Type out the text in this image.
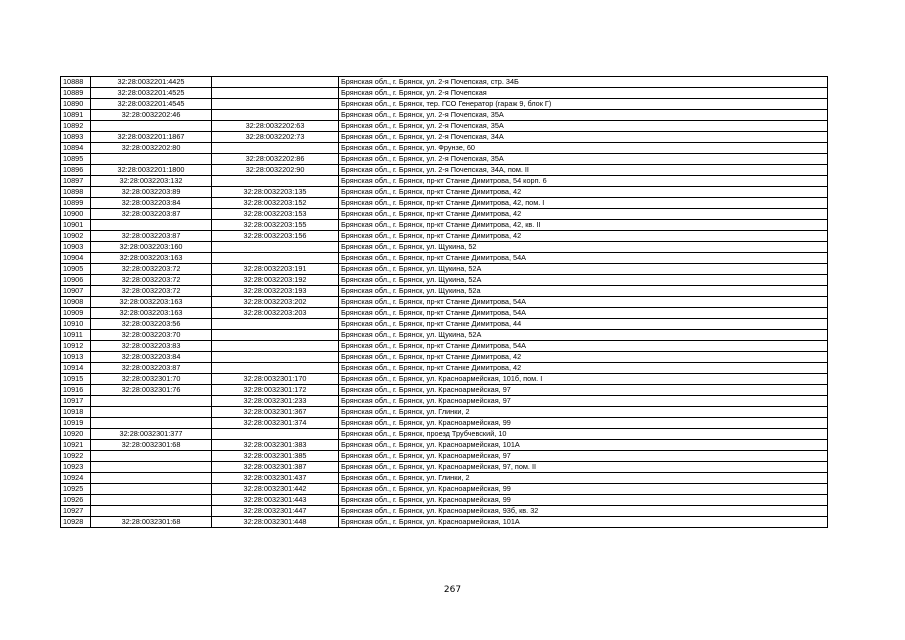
10888	32:28:0032201:4425		Брянская обл., г. Брянск, ул. 2-я Почепская, стр. 34Б
10889	32:28:0032201:4525		Брянская обл., г. Брянск, ул. 2-я Почепская
10890	32:28:0032201:4545		Брянская обл., г. Брянск, тер. ГСО Генератор (гараж 9, блок Г)
10891	32:28:0032202:46		Брянская обл., г. Брянск, ул. 2-я Почепская, 35А
10892		32:28:0032202:63	Брянская обл., г. Брянск, ул. 2-я Почепская, 35А
10893	32:28:0032201:1867	32:28:0032202:73	Брянская обл., г. Брянск, ул. 2-я Почепская, 34А
10894	32:28:0032202:80		Брянская обл., г. Брянск, ул. Фрунзе, 60
10895		32:28:0032202:86	Брянская обл., г. Брянск, ул. 2-я Почепская, 35А
10896	32:28:0032201:1800	32:28:0032202:90	Брянская обл., г. Брянск, ул. 2-я Почепская, 34А, пом. II
10897	32:28:0032203:132		Брянская обл., г. Брянск, пр-кт Станке Димитрова, 54 корп. 6
10898	32:28:0032203:89	32:28:0032203:135	Брянская обл., г. Брянск, пр-кт Станке Димитрова, 42
10899	32:28:0032203:84	32:28:0032203:152	Брянская обл., г. Брянск, пр-кт Станке Димитрова, 42, пом. I
10900	32:28:0032203:87	32:28:0032203:153	Брянская обл., г. Брянск, пр-кт Станке Димитрова, 42
10901		32:28:0032203:155	Брянская обл., г. Брянск, пр-кт Станке Димитрова, 42, кв. II
10902	32:28:0032203:87	32:28:0032203:156	Брянская обл., г. Брянск, пр-кт Станке Димитрова, 42
10903	32:28:0032203:160		Брянская обл., г. Брянск, ул. Щукина, 52
10904	32:28:0032203:163		Брянская обл., г. Брянск, пр-кт Станке Димитрова, 54А
10905	32:28:0032203:72	32:28:0032203:191	Брянская обл., г. Брянск, ул. Щукина, 52А
10906	32:28:0032203:72	32:28:0032203:192	Брянская обл., г. Брянск, ул. Щукина, 52А
10907	32:28:0032203:72	32:28:0032203:193	Брянская обл., г. Брянск, ул. Щукина, 52а
10908	32:28:0032203:163	32:28:0032203:202	Брянская обл., г. Брянск, пр-кт Станке Димитрова, 54А
10909	32:28:0032203:163	32:28:0032203:203	Брянская обл., г. Брянск, пр-кт Станке Димитрова, 54А
10910	32:28:0032203:56		Брянская обл., г. Брянск, пр-кт Станке Димитрова, 44
10911	32:28:0032203:70		Брянская обл., г. Брянск, ул. Щукина, 52А
10912	32:28:0032203:83		Брянская обл., г. Брянск, пр-кт Станке Димитрова, 54А
10913	32:28:0032203:84		Брянская обл., г. Брянск, пр-кт Станке Димитрова, 42
10914	32:28:0032203:87		Брянская обл., г. Брянск, пр-кт Станке Димитрова, 42
10915	32:28:0032301:70	32:28:0032301:170	Брянская обл., г. Брянск, ул. Красноармейская, 101б, пом. I
10916	32:28:0032301:76	32:28:0032301:172	Брянская обл., г. Брянск, ул. Красноармейская, 97
10917		32:28:0032301:233	Брянская обл., г. Брянск, ул. Красноармейская, 97
10918		32:28:0032301:367	Брянская обл., г. Брянск, ул. Глинки, 2
10919		32:28:0032301:374	Брянская обл., г. Брянск, ул. Красноармейская, 99
10920	32:28:0032301:377		Брянская обл., г. Брянск, проезд Трубчевский, 10
10921	32:28:0032301:68	32:28:0032301:383	Брянская обл., г. Брянск, ул. Красноармейская, 101А
10922		32:28:0032301:385	Брянская обл., г. Брянск, ул. Красноармейская, 97
10923		32:28:0032301:387	Брянская обл., г. Брянск, ул. Красноармейская, 97, пом. II
10924		32:28:0032301:437	Брянская обл., г. Брянск, ул. Глинки, 2
10925		32:28:0032301:442	Брянская обл., г. Брянск, ул. Красноармейская, 99
10926		32:28:0032301:443	Брянская обл., г. Брянск, ул. Красноармейская, 99
10927		32:28:0032301:447	Брянская обл., г. Брянск, ул. Красноармейская, 93б, кв. 32
10928	32:28:0032301:68	32:28:0032301:448	Брянская обл., г. Брянск, ул. Красноармейская, 101А
267
